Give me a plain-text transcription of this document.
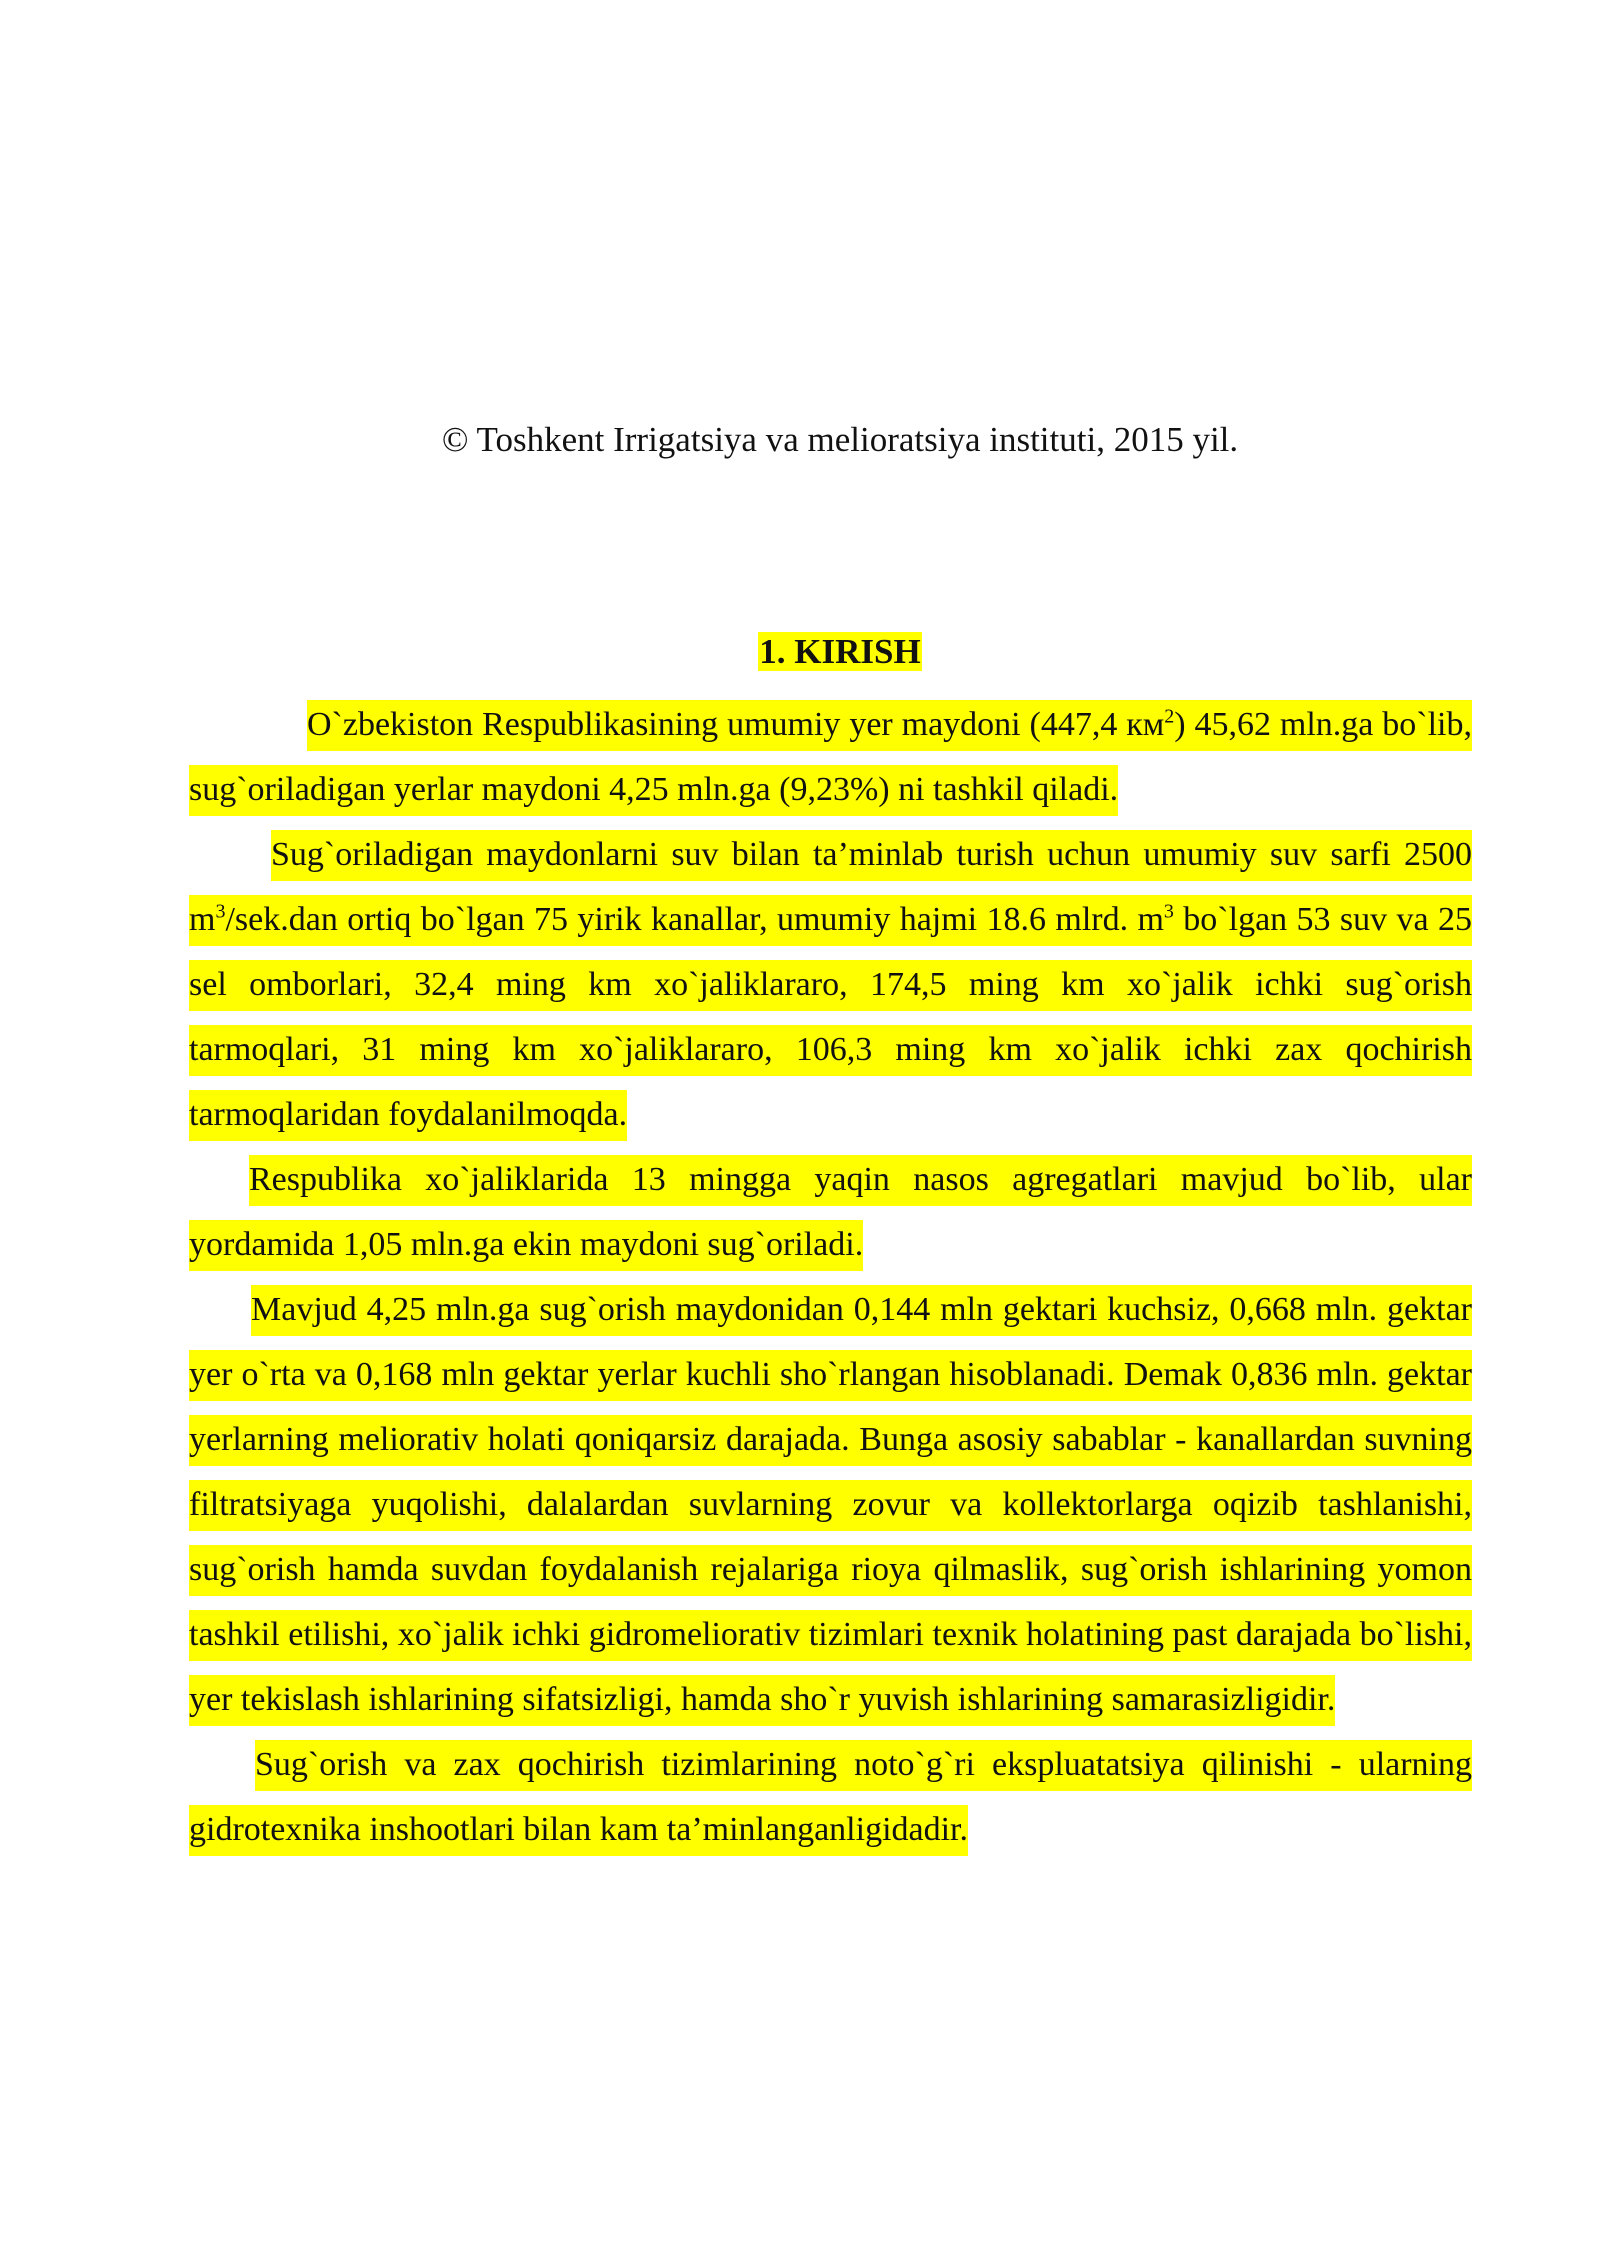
© Toshkent Irrigatsiya va melioratsiya instituti, 2015 yil.
1. KIRISH

O`zbekiston Respublikasining umumiy yer maydoni (447,4 $км^2$) 45,62 mln.ga bo`lib, sug`oriladigan yerlar maydoni 4,25 mln.ga (9,23%) ni tashkil qiladi.

Sug`oriladigan maydonlarni suv bilan ta’minlab turish uchun umumiy suv sarfi 2500 $m^3/sek.dan$ ortiq bo`lgan 75 yirik kanallar, umumiy hajmi 18.6 mlrd. $m^3$ bo`lgan 53 suv va 25 sel omborlari, 32,4 ming km xo`jaliklararo, 174,5 ming km xo`jalik ichki sug`orish tarmoqlari, 31 ming km xo`jaliklararo, 106,3 ming km xo`jalik ichki zax qochirish tarmoqlaridan foydalanilmoqda.

Respublika xo`jaliklarida 13 mingga yaqin nasos agregatlari mavjud bo`lib, ular yordamida 1,05 mln.ga ekin maydoni sug`oriladi.

Mavjud 4,25 mln.ga sug`orish maydonidan 0,144 mln gektari kuchsiz, 0,668 mln. gektar yer o`rta va 0,168 mln gektar yerlar kuchli sho`rlangan hisoblanadi. Demak 0,836 mln. gektar yerlarning meliorativ holati qoniqarsiz darajada. Bunga asosiy sabablar - kanallardan suvning filtratsiyaga yuqolishi, dalalardan suvlarning zovur va kollektorlarga oqizib tashlanishi, sug`orish hamda suvdan foydalanish rejalariga rioya qilmaslik, sug`orish ishlarining yomon tashkil etilishi, xo`jalik ichki gidromeliorativ tizimlari texnik holatining past darajada bo`lishi, yer tekislash ishlarining sifatsizligi, hamda sho`r yuvish ishlarining samarasizligidir.

Sug`orish va zax qochirish tizimlarining noto`g`ri ekspluatatsiya qilinishi - ularning gidrotexnika inshootlari bilan kam ta’minlanganligidadir.
